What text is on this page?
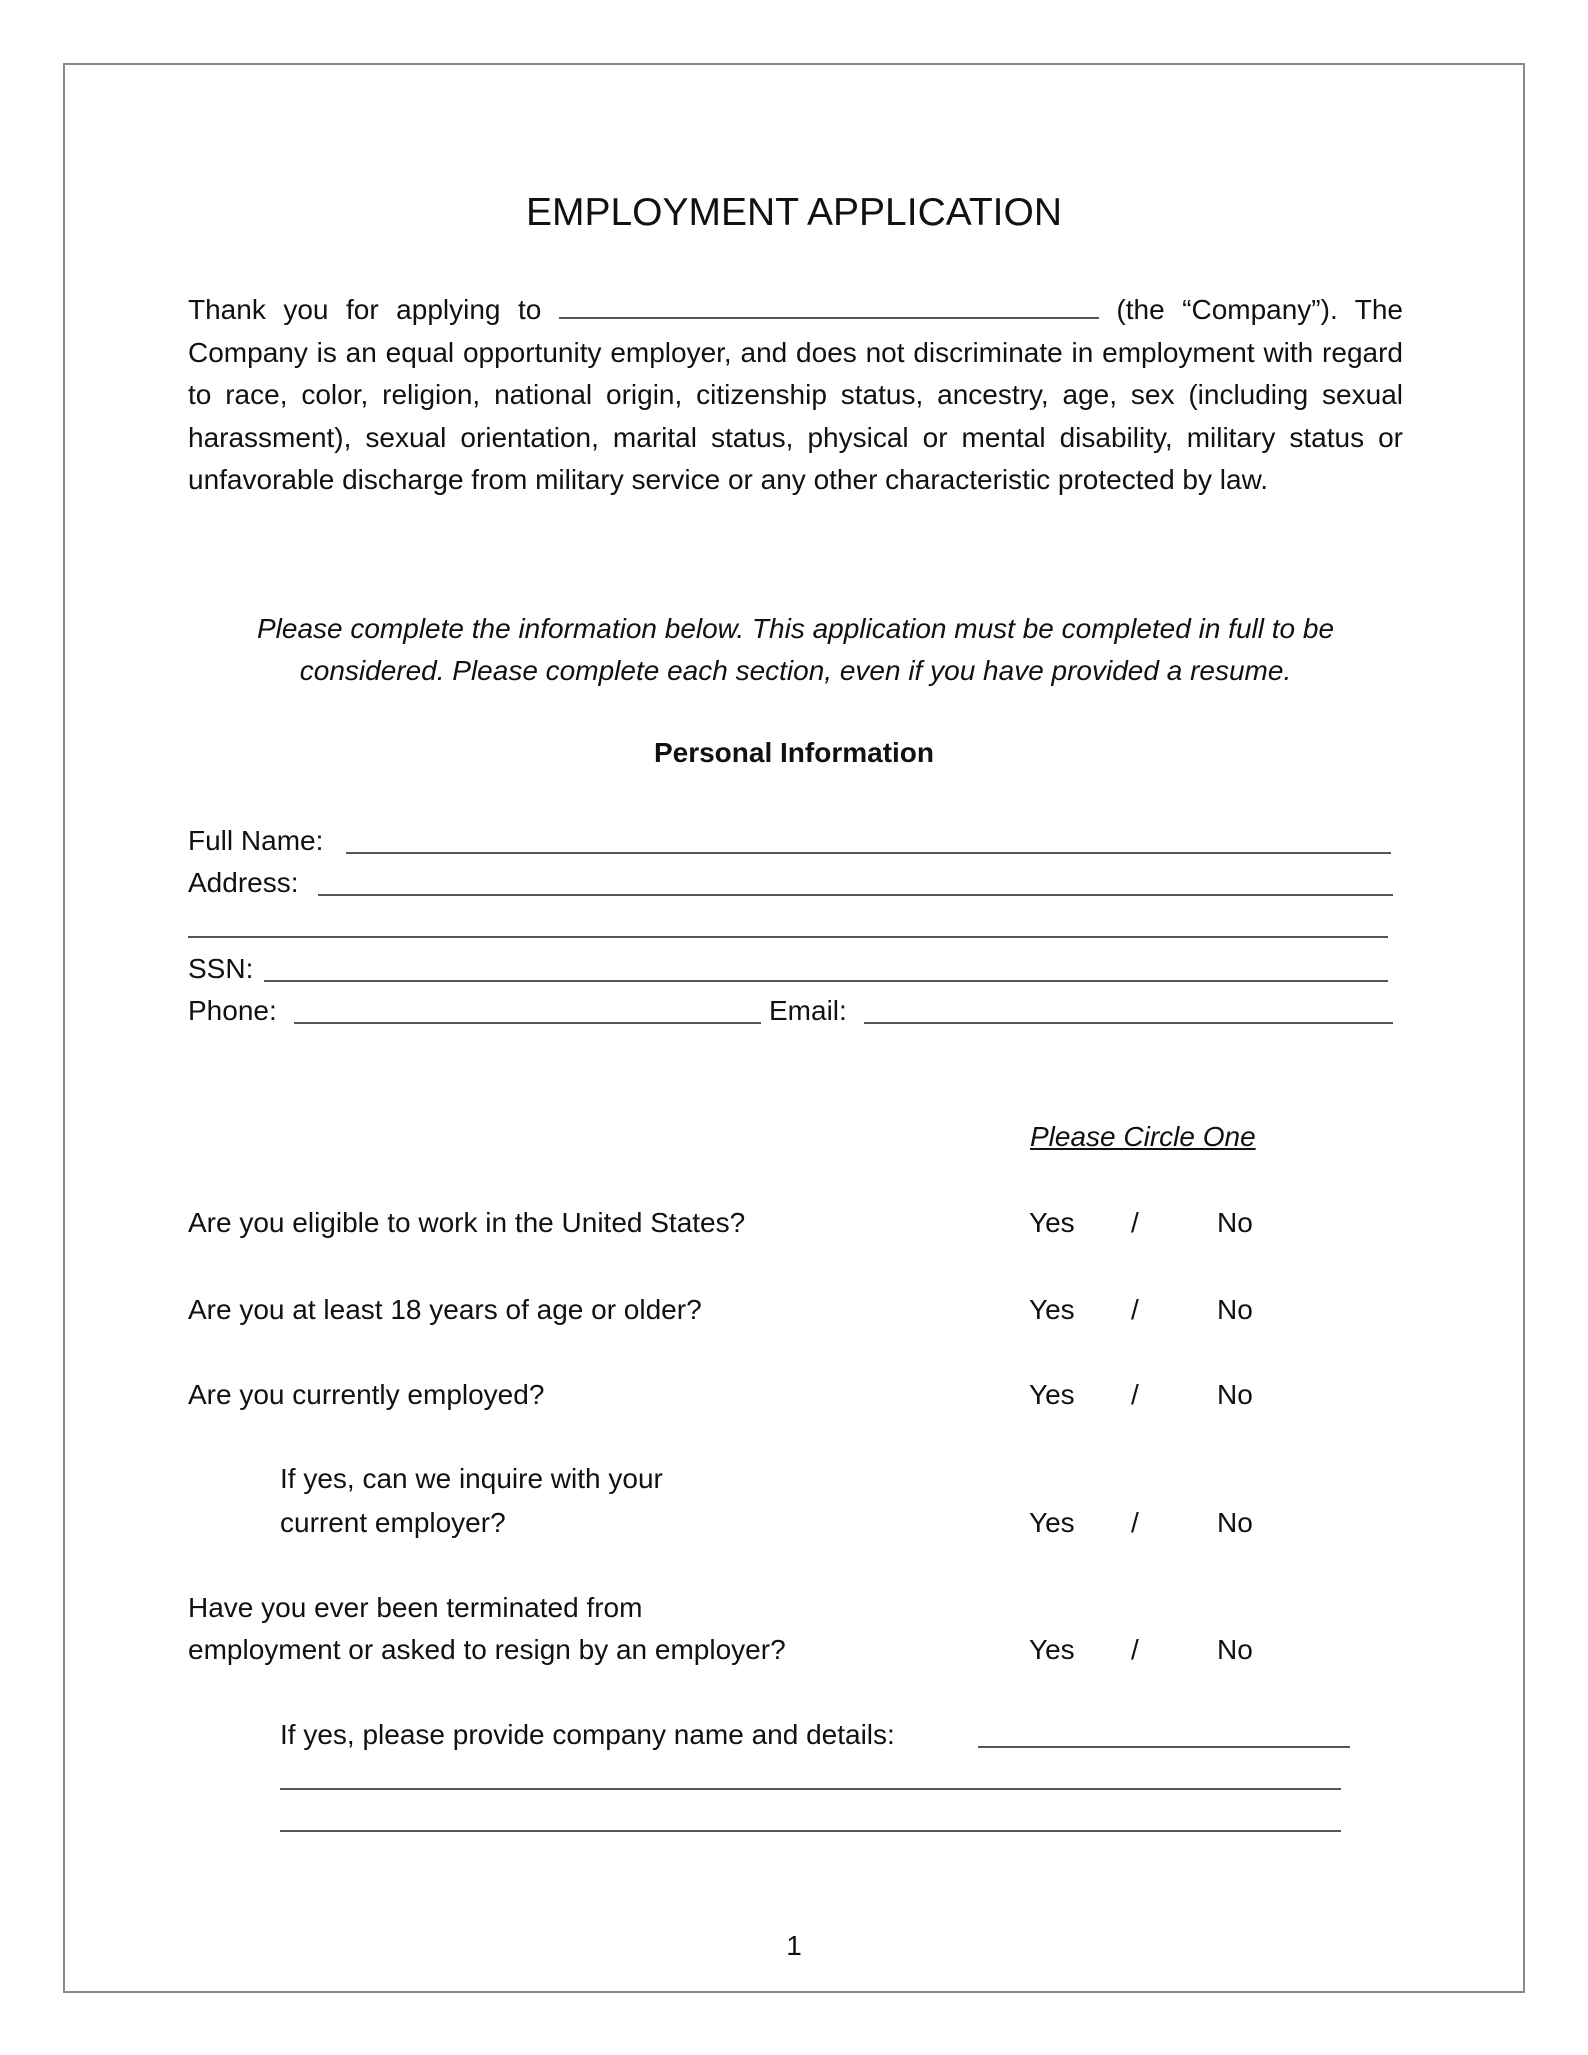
EMPLOYMENT APPLICATION
Thank you for applying to	(the “Company”). The Company is an equal opportunity employer, and does not discriminate in employment with regard to race, color, religion, national origin, citizenship status, ancestry, age, sex (including sexual harassment), sexual orientation, marital status, physical or mental disability, military status or unfavorable discharge from military service or any other characteristic protected by law.
Please complete the information below. This application must be completed in full to be considered. Please complete each section, even if you have provided a resume.
Personal Information
Full Name:
Address:
SSN:
Phone:	Email:
Please Circle One
Are you eligible to work in the United States?	Yes /	No
Are you at least 18 years of age or older?	Yes /	No
Are you currently employed?	Yes /	No
If yes, can we inquire with your
current employer?	Yes /	No
Have you ever been terminated from
employment or asked to resign by an employer?	Yes /	No
If yes, please provide company name and details:
1
